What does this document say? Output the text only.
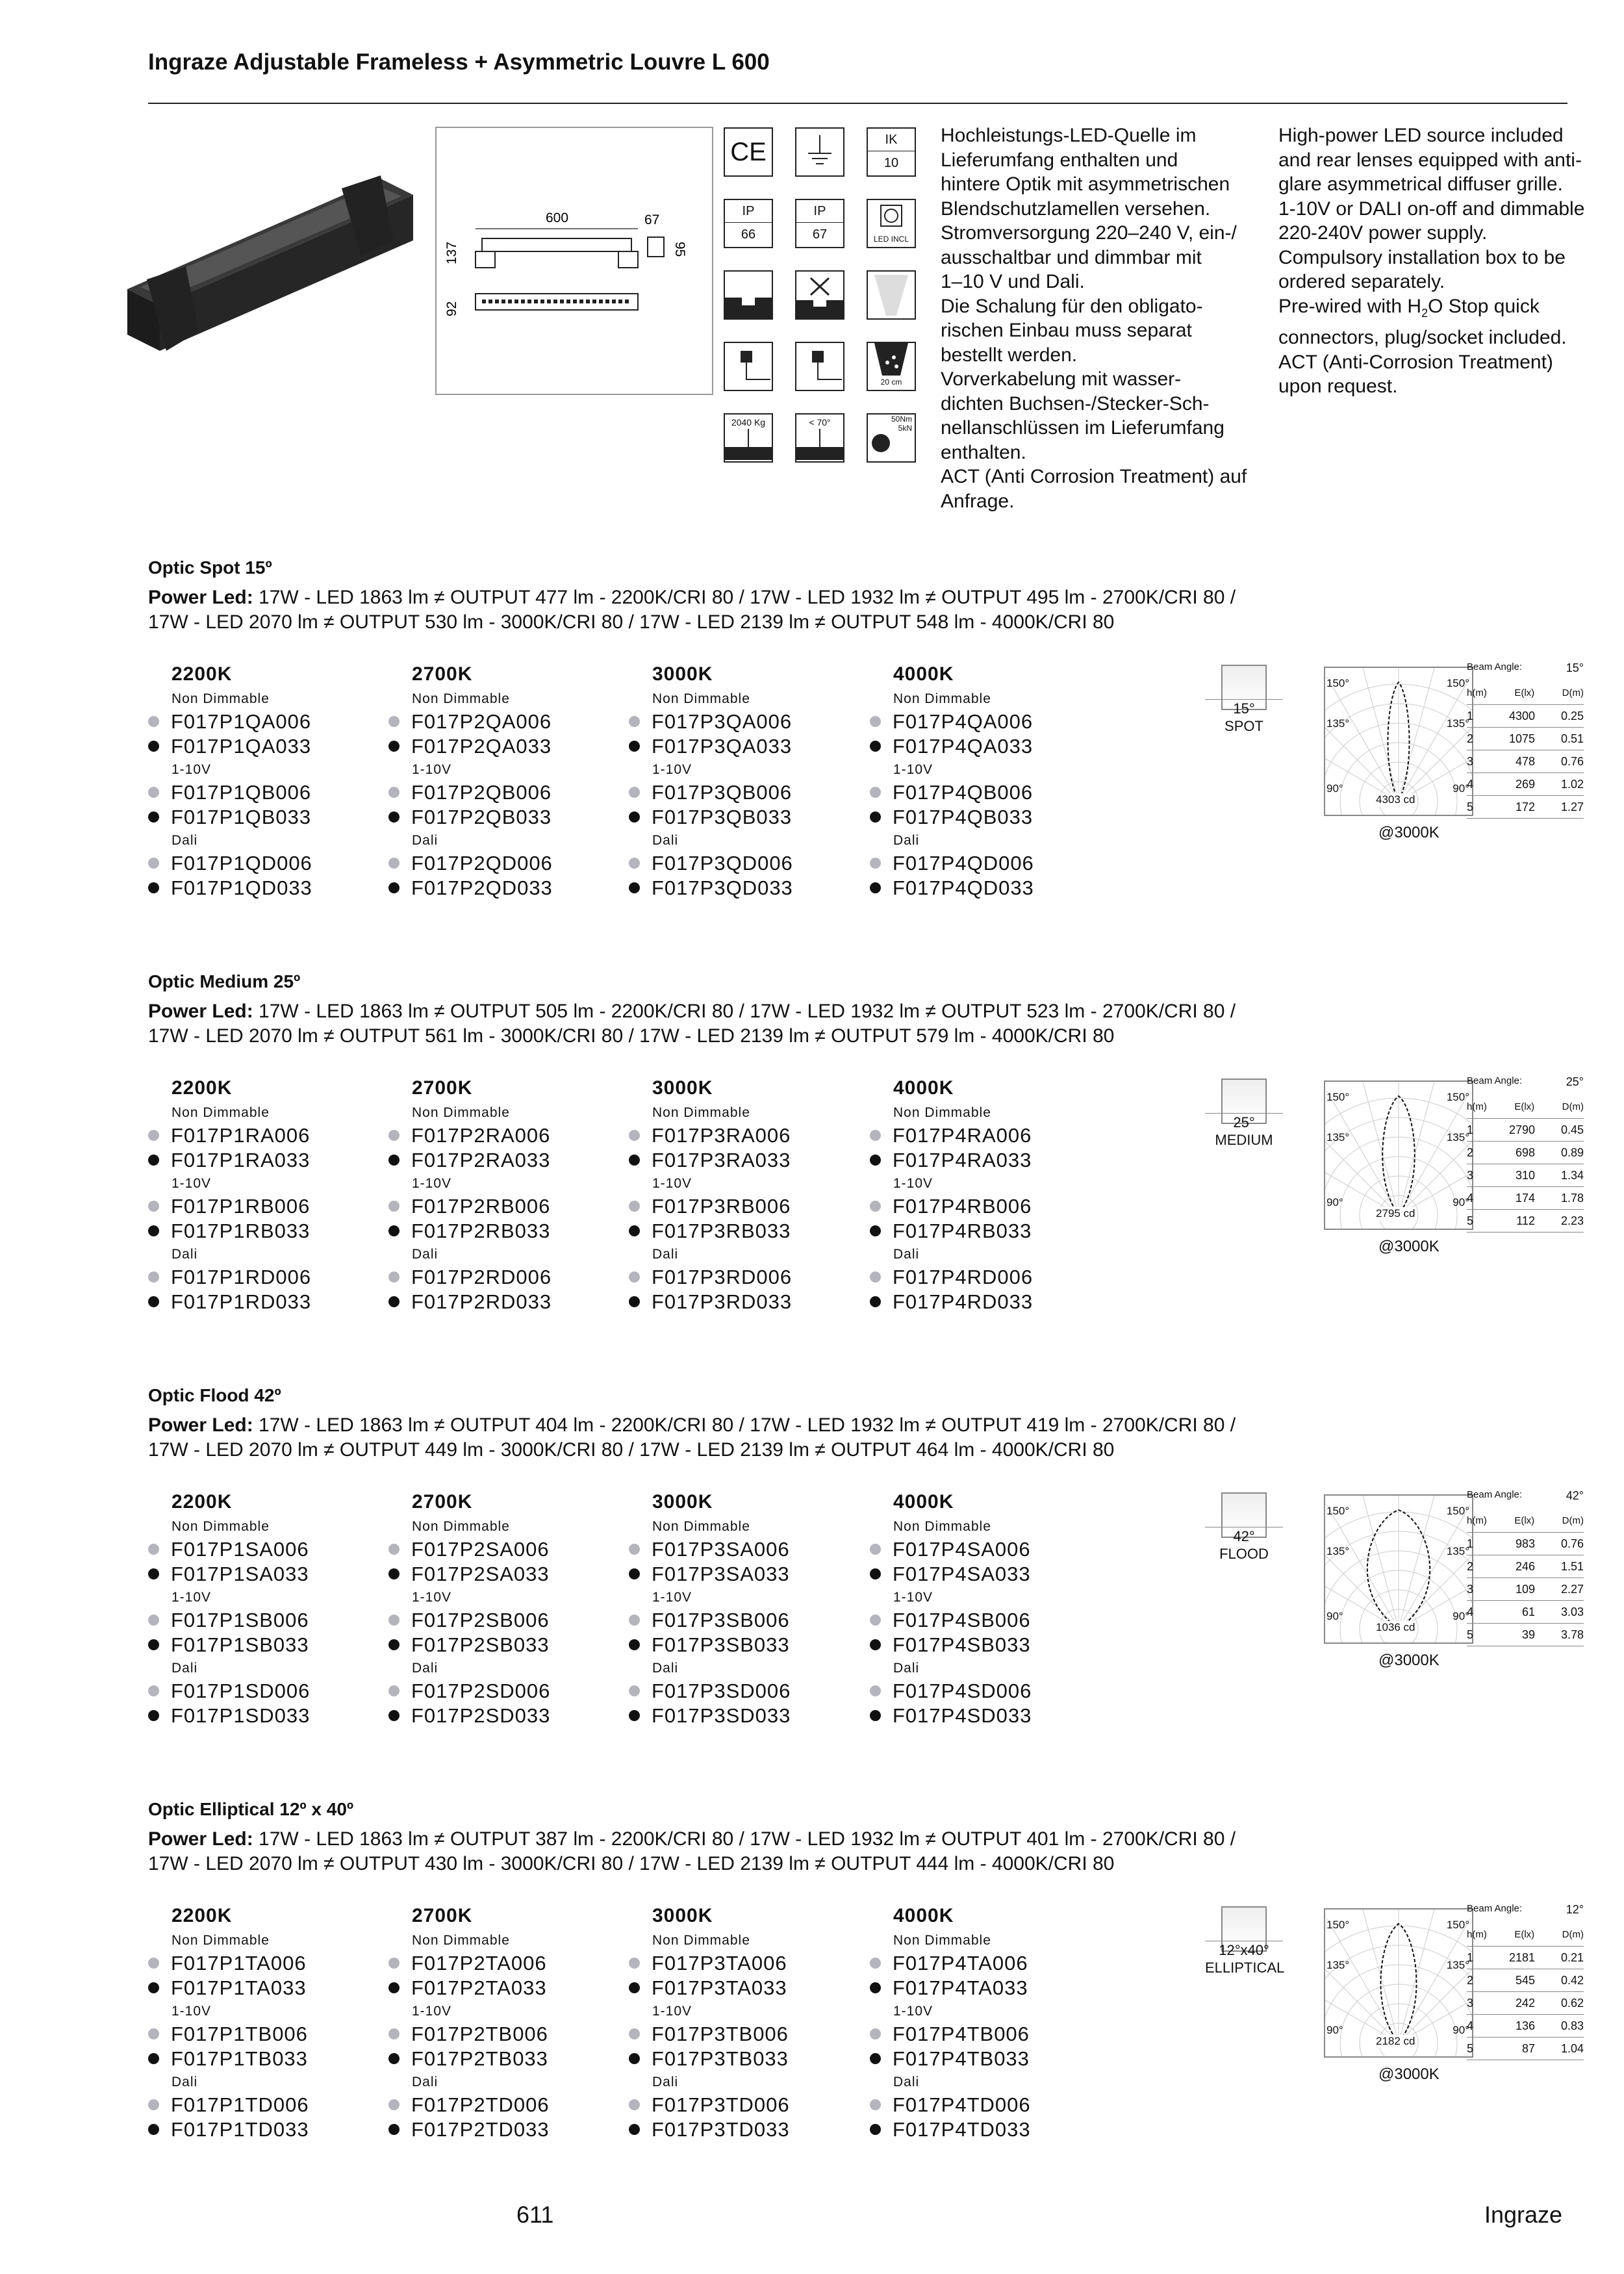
Ingraze Adjustable Frameless + Asymmetric Louvre L 600
600	67
137	95
92
CE	IK
10
IP
66
IP
67	LED INCL
20 cm
2040 Kg	< 70°	50Nm
5kN
Hochleistungs-LED-Quelle im
Lieferumfang enthalten und
hintere Optik mit asymmetrischen
Blendschutzlamellen versehen.
Stromversorgung 220–240 V, ein-/
ausschaltbar und dimmbar mit
1–10 V und Dali.
Die Schalung für den obligato-
rischen Einbau muss separat
bestellt werden.
Vorverkabelung mit wasser-
dichten Buchsen-/Stecker-Sch-
nellanschlüssen im Lieferumfang
enthalten.
ACT (Anti Corrosion Treatment) auf
Anfrage.
High-power LED source included
and rear lenses equipped with anti-
glare asymmetrical diffuser grille.
1-10V or DALI on-off and dimmable
220-240V power supply.
Compulsory installation box to be
ordered separately.
Pre-wired with $H_2O$ Stop quick
connectors, plug/socket included.
ACT (Anti-Corrosion Treatment)
upon request.
Optic Spot 15º
Power Led: 17W - LED 1863 lm ≠ OUTPUT 477 lm - 2200K/CRI 80 / 17W - LED 1932 lm ≠ OUTPUT 495 lm - 2700K/CRI 80 /
17W - LED 2070 lm ≠ OUTPUT 530 lm - 3000K/CRI 80 / 17W - LED 2139 lm ≠ OUTPUT 548 lm - 4000K/CRI 80
2200K
Non Dimmable
F017P1QA006
F017P1QA033
1-10V
F017P1QB006
F017P1QB033
Dali
F017P1QD006
F017P1QD033
2700K
Non Dimmable
F017P2QA006
F017P2QA033
1-10V
F017P2QB006
F017P2QB033
Dali
F017P2QD006
F017P2QD033
3000K
Non Dimmable
F017P3QA006
F017P3QA033
1-10V
F017P3QB006
F017P3QB033
Dali
F017P3QD006
F017P3QD033
4000K
Non Dimmable
F017P4QA006
F017P4QA033
1-10V
F017P4QB006
F017P4QB033
Dali
F017P4QD006
F017P4QD033
15°
SPOT
150°	150°
135°	135°
90°	90°
4303 cd
@3000K
Beam Angle:	15°
h(m)	E(lx)	D(m)
1	4300	0.25
2	1075	0.51
3	478	0.76
4	269	1.02
5	172	1.27
Optic Medium 25º
Power Led: 17W - LED 1863 lm ≠ OUTPUT 505 lm - 2200K/CRI 80 / 17W - LED 1932 lm ≠ OUTPUT 523 lm - 2700K/CRI 80 /
17W - LED 2070 lm ≠ OUTPUT 561 lm - 3000K/CRI 80 / 17W - LED 2139 lm ≠ OUTPUT 579 lm - 4000K/CRI 80
2200K
Non Dimmable
F017P1RA006
F017P1RA033
1-10V
F017P1RB006
F017P1RB033
Dali
F017P1RD006
F017P1RD033
2700K
Non Dimmable
F017P2RA006
F017P2RA033
1-10V
F017P2RB006
F017P2RB033
Dali
F017P2RD006
F017P2RD033
3000K
Non Dimmable
F017P3RA006
F017P3RA033
1-10V
F017P3RB006
F017P3RB033
Dali
F017P3RD006
F017P3RD033
4000K
Non Dimmable
F017P4RA006
F017P4RA033
1-10V
F017P4RB006
F017P4RB033
Dali
F017P4RD006
F017P4RD033
25°
MEDIUM
150°	150°
135°	135°
90°	90°
2795 cd
@3000K
Beam Angle:	25°
h(m)	E(lx)	D(m)
1	2790	0.45
2	698	0.89
3	310	1.34
4	174	1.78
5	112	2.23
Optic Flood 42º
Power Led: 17W - LED 1863 lm ≠ OUTPUT 404 lm - 2200K/CRI 80 / 17W - LED 1932 lm ≠ OUTPUT 419 lm - 2700K/CRI 80 /
17W - LED 2070 lm ≠ OUTPUT 449 lm - 3000K/CRI 80 / 17W - LED 2139 lm ≠ OUTPUT 464 lm - 4000K/CRI 80
2200K
Non Dimmable
F017P1SA006
F017P1SA033
1-10V
F017P1SB006
F017P1SB033
Dali
F017P1SD006
F017P1SD033
2700K
Non Dimmable
F017P2SA006
F017P2SA033
1-10V
F017P2SB006
F017P2SB033
Dali
F017P2SD006
F017P2SD033
3000K
Non Dimmable
F017P3SA006
F017P3SA033
1-10V
F017P3SB006
F017P3SB033
Dali
F017P3SD006
F017P3SD033
4000K
Non Dimmable
F017P4SA006
F017P4SA033
1-10V
F017P4SB006
F017P4SB033
Dali
F017P4SD006
F017P4SD033
42°
FLOOD
150°	150°
135°	135°
90°	90°
1036 cd
@3000K
Beam Angle:	42°
h(m)	E(lx)	D(m)
1	983	0.76
2	246	1.51
3	109	2.27
4	61	3.03
5	39	3.78
Optic Elliptical 12º x 40º
Power Led: 17W - LED 1863 lm ≠ OUTPUT 387 lm - 2200K/CRI 80 / 17W - LED 1932 lm ≠ OUTPUT 401 lm - 2700K/CRI 80 /
17W - LED 2070 lm ≠ OUTPUT 430 lm - 3000K/CRI 80 / 17W - LED 2139 lm ≠ OUTPUT 444 lm - 4000K/CRI 80
2200K
Non Dimmable
F017P1TA006
F017P1TA033
1-10V
F017P1TB006
F017P1TB033
Dali
F017P1TD006
F017P1TD033
2700K
Non Dimmable
F017P2TA006
F017P2TA033
1-10V
F017P2TB006
F017P2TB033
Dali
F017P2TD006
F017P2TD033
3000K
Non Dimmable
F017P3TA006
F017P3TA033
1-10V
F017P3TB006
F017P3TB033
Dali
F017P3TD006
F017P3TD033
4000K
Non Dimmable
F017P4TA006
F017P4TA033
1-10V
F017P4TB006
F017P4TB033
Dali
F017P4TD006
F017P4TD033
12°x40°
ELLIPTICAL
150°	150°
135°	135°
90°	90°
2182 cd
@3000K
Beam Angle:	12°
h(m)	E(lx)	D(m)
1	2181	0.21
2	545	0.42
3	242	0.62
4	136	0.83
5	87	1.04
611	Ingraze
